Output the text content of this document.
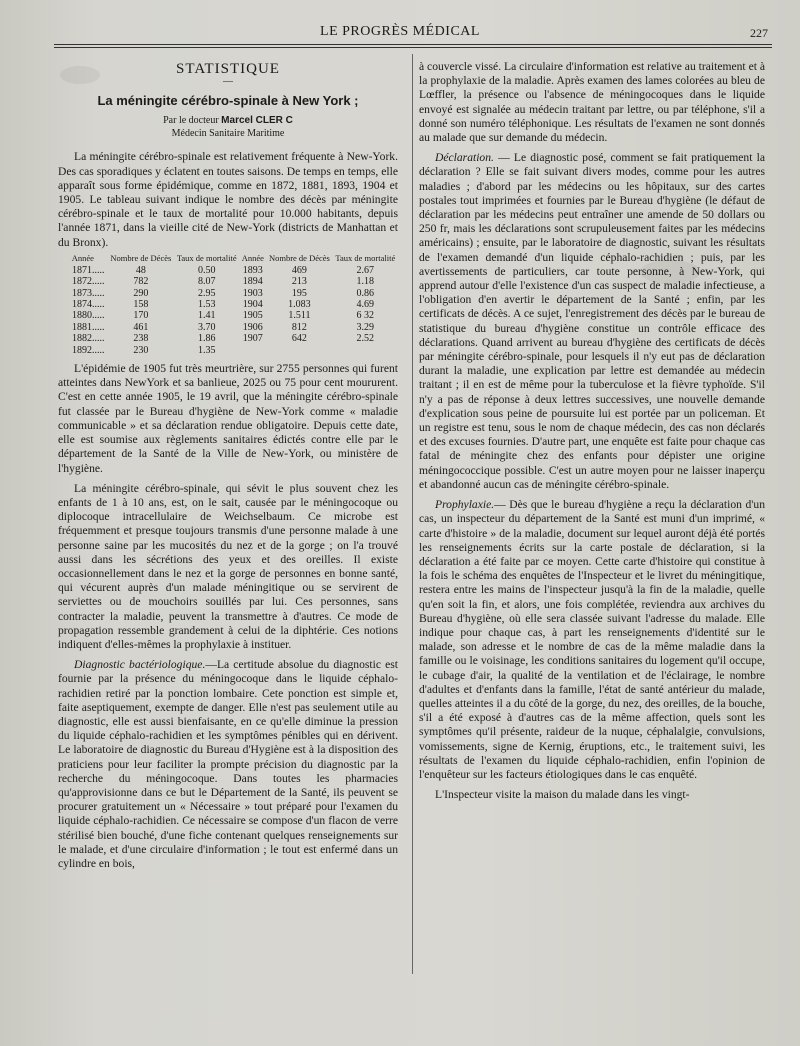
LE PROGRÈS MÉDICAL	227
STATISTIQUE
—
La méningite cérébro-spinale à New York ;
Par le docteur Marcel CLER C
Médecin Sanitaire Maritime

La méningite cérébro-spinale est relativement fréquente à New-York. Des cas sporadiques y éclatent en toutes saisons. De temps en temps, elle apparaît sous forme épidémique, comme en 1872, 1881, 1893, 1904 et 1905. Le tableau suivant indique le nombre des décès par méningite cérébro-spinale et le taux de mortalité pour 10.000 habitants, depuis l'année 1871, dans la vieille cité de New-York (districts de Manhattan et du Bronx).

Année	Nombre de Décès	Taux de mortalité	Année	Nombre de Décès	Taux de mortalité
1871.....	48	0.50	1893	469	2.67
1872.....	782	8.07	1894	213	1.18
1873.....	290	2.95	1903	195	0.86
1874.....	158	1.53	1904	1.083	4.69
1880.....	170	1.41	1905	1.511	6 32
1881.....	461	3.70	1906	812	3.29
1882.....	238	1.86	1907	642	2.52
1892.....	230	1.35			

L'épidémie de 1905 fut très meurtrière, sur 2755 personnes qui furent atteintes dans NewYork et sa banlieue, 2025 ou 75 pour cent moururent. C'est en cette année 1905, le 19 avril, que la méningite cérébro-spinale fut classée par le Bureau d'hygiène de New-York comme « maladie communicable » et sa déclaration rendue obligatoire. Depuis cette date, elle est soumise aux règlements sanitaires édictés contre elle par le département de la Santé de la Ville de New-York, ou ministère de l'hygiène.

La méningite cérébro-spinale, qui sévit le plus souvent chez les enfants de 1 à 10 ans, est, on le sait, causée par le méningocoque ou diplocoque intracellulaire de Weichselbaum. Ce microbe est fréquemment et presque toujours transmis d'une personne malade à une personne saine par les mucosités du nez et de la gorge ; on l'a trouvé aussi dans les sécrétions des yeux et des oreilles. Il existe occasionnellement dans le nez et la gorge de personnes en bonne santé, qui vécurent auprès d'un malade méningitique ou se servirent de serviettes ou de mouchoirs souillés par lui. Ces personnes, sans contracter la maladie, peuvent la transmettre à d'autres. Ce mode de propagation ressemble grandement à celui de la diphtérie. Ces notions indiquent d'elles-mêmes la prophylaxie à instituer.

Diagnostic bactériologique.—La certitude absolue du diagnostic est fournie par la présence du méningocoque dans le liquide céphalo-rachidien retiré par la ponction lombaire. Cete ponction est simple et, faite aseptiquement, exempte de danger. Elle n'est pas seulement utile au diagnostic, elle est aussi bienfaisante, en ce qu'elle diminue la pression du liquide céphalo-rachidien et les symptômes pénibles qui en dérivent. Le laboratoire de diagnostic du Bureau d'Hygiène est à la disposition des praticiens pour leur faciliter la prompte précision du diagnostic par la recherche du méningocoque. Dans toutes les pharmacies qu'approvisionne dans ce but le Département de la Santé, ils peuvent se procurer gratuitement un « Nécessaire » tout préparé pour l'examen du liquide céphalo-rachidien. Ce nécessaire se compose d'un flacon de verre stérilisé bien bouché, d'une fiche contenant quelques renseignements sur le malade, et d'une circulaire d'information ; le tout est enfermé dans un cylindre en bois,

à couvercle vissé. La circulaire d'information est relative au traitement et à la prophylaxie de la maladie. Après examen des lames colorées au bleu de Lœffler, la présence ou l'absence de méningocoques dans le liquide envoyé est signalée au médecin traitant par lettre, ou par téléphone, s'il a donné son numéro téléphonique. Les résultats de l'examen ne sont donnés au malade que sur demande du médecin.

Déclaration. — Le diagnostic posé, comment se fait pratiquement la déclaration ? Elle se fait suivant divers modes, comme pour les autres maladies ; d'abord par les médecins ou les hôpitaux, sur des cartes postales tout imprimées et fournies par le Bureau d'hygiène (le défaut de déclaration par les médecins peut entraîner une amende de 50 dollars ou 250 fr, mais les déclarations sont scrupuleusement faites par les médecins américains) ; ensuite, par le laboratoire de diagnostic, suivant les résultats de l'examen demandé d'un liquide céphalo-rachidien ; puis, par les avertissements de particuliers, car toute personne, à New-York, qui apprend autour d'elle l'existence d'un cas suspect de maladie infectieuse, a l'obligation d'en avertir le département de la Santé ; enfin, par les certificats de décès. A ce sujet, l'enregistrement des décès par le bureau de statistique du bureau d'hygiène constitue un contrôle efficace des déclarations. Quand arrivent au bureau d'hygiène des certificats de décès par méningite cérébro-spinale, pour lesquels il n'y eut pas de déclaration durant la maladie, une explication par lettre est demandée au médecin traitant ; il en est de même pour la tuberculose et la fièvre typhoïde. S'il n'y a pas de réponse à deux lettres successives, une nouvelle demande d'explication sous peine de poursuite lui est portée par un policeman. Et un registre est tenu, sous le nom de chaque médecin, des cas non déclarés et des excuses fournies. D'autre part, une enquête est faite pour chaque cas fatal de méningite chez des enfants pour dépister une origine méningococcique possible. C'est un autre moyen pour ne laisser inaperçu et abandonné aucun cas de méningite cérébro-spinale.

Prophylaxie.— Dès que le bureau d'hygiène a reçu la déclaration d'un cas, un inspecteur du département de la Santé est muni d'un imprimé, « carte d'histoire » de la maladie, document sur lequel auront déjà été portés les renseignements écrits sur la carte postale de déclaration, si la déclaration a été faite par ce moyen. Cette carte d'histoire qui constitue à la fois le schéma des enquêtes de l'Inspecteur et le livret du méningitique, restera entre les mains de l'inspecteur jusqu'à la fin de la maladie, quelle qu'en soit la fin, et alors, une fois complétée, reviendra aux archives du Bureau d'hygiène, où elle sera classée suivant l'adresse du malade. Elle indique pour chaque cas, à part les renseignements d'identité sur le malade, son adresse et le nombre de cas de la même maladie dans la famille ou le voisinage, les conditions sanitaires du logement qu'il occupe, le cubage d'air, la qualité de la ventilation et de l'éclairage, le nombre d'adultes et d'enfants dans la famille, l'état de santé antérieur du malade, quelles atteintes il a du côté de la gorge, du nez, des oreilles, de la bouche, s'il a été exposé à d'autres cas de la même affection, quels sont les symptômes qu'il présente, raideur de la nuque, céphalalgie, convulsions, vomissements, signe de Kernig, éruptions, etc., le traitement suivi, les résultats de l'examen du liquide céphalo-rachidien, enfin l'opinion de l'enquêteur sur les facteurs étiologiques dans le cas enquêté.

L'Inspecteur visite la maison du malade dans les vingt-
